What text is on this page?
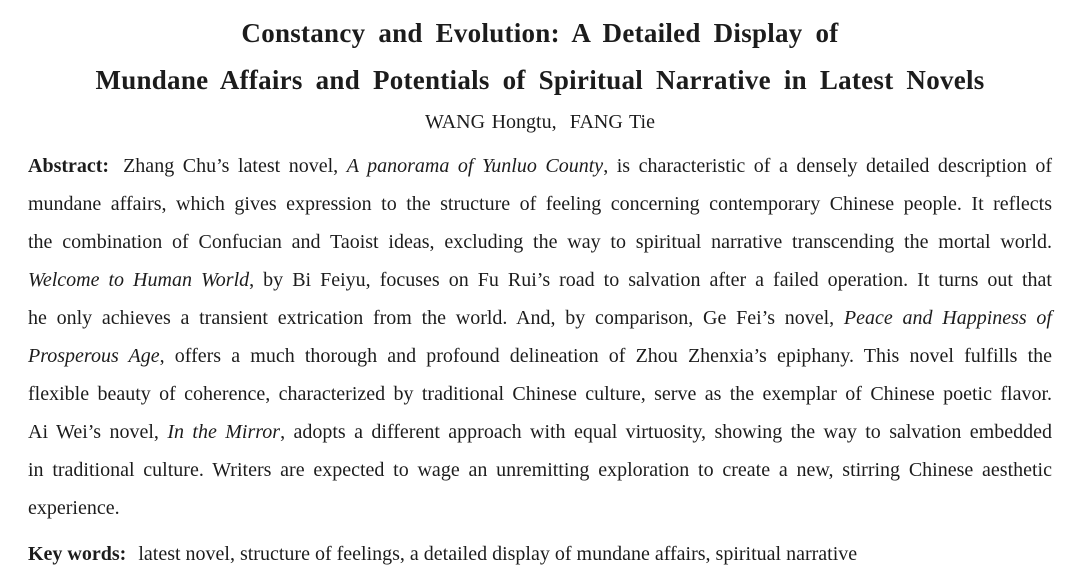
Constancy and Evolution: A Detailed Display of
Mundane Affairs and Potentials of Spiritual Narrative in Latest Novels
WANG Hongtu,  FANG Tie

Abstract: Zhang Chu’s latest novel, A panorama of Yunluo County, is characteristic of a densely detailed description of mundane affairs, which gives expression to the structure of feeling concerning contemporary Chinese people. It reflects the combination of Confucian and Taoist ideas, excluding the way to spiritual narrative transcending the mortal world. Welcome to Human World, by Bi Feiyu, focuses on Fu Rui’s road to salvation after a failed operation. It turns out that he only achieves a transient extrication from the world. And, by comparison, Ge Fei’s novel, Peace and Happiness of Prosperous Age, offers a much thorough and profound delineation of Zhou Zhenxia’s epiphany. This novel fulfills the flexible beauty of coherence, characterized by traditional Chinese culture, serve as the exemplar of Chinese poetic flavor. Ai Wei’s novel, In the Mirror, adopts a different approach with equal virtuosity, showing the way to salvation embedded in traditional culture. Writers are expected to wage an unremitting exploration to create a new, stirring Chinese aesthetic experience.

Key words: latest novel, structure of feelings, a detailed display of mundane affairs, spiritual narrative
